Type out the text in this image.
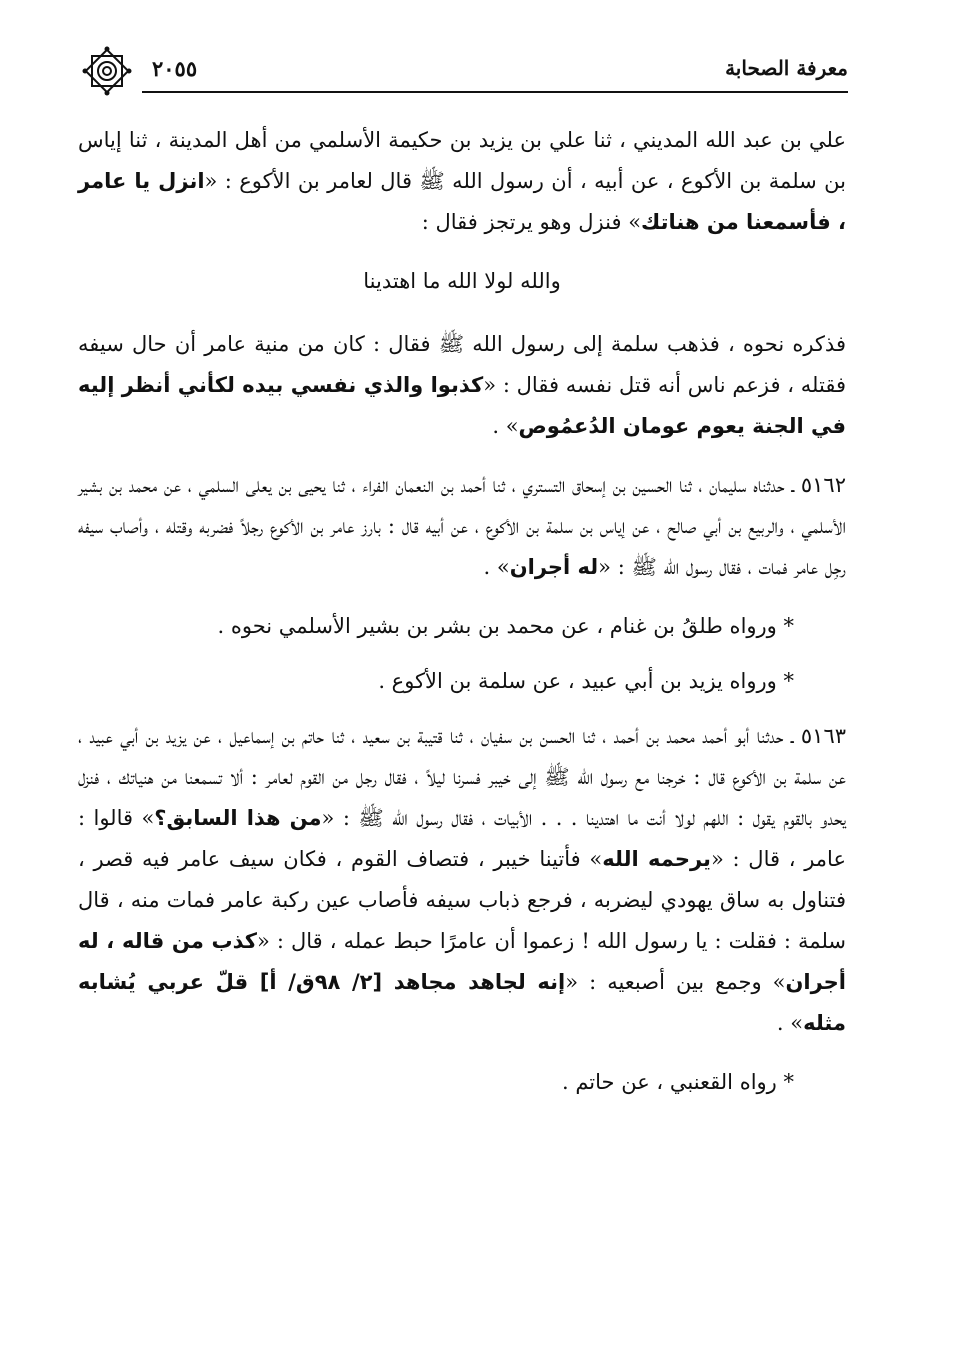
معرفة الصحابة
٢٠٥٥

علي بن عبد الله المديني ، ثنا علي بن يزيد بن حكيمة الأسلمي من أهل المدينة ، ثنا إياس بن سلمة بن الأكوع ، عن أبيه ، أن رسول الله ﷺ قال لعامر بن الأكوع : «انزل يا عامر ، فأسمعنا من هناتك» فنزل وهو يرتجز فقال :

والله لولا الله ما اهتدينا

فذكره نحوه ، فذهب سلمة إلى رسول الله ﷺ فقال : كان من منية عامر أن حال سيفه فقتله ، فزعم ناس أنه قتل نفسه فقال : «كذبوا والذي نفسي بيده لكأني أنظر إليه في الجنة يعوم عومان الدُعمُوص» .

٥١٦٢ ـ حدثناه سليمان ، ثنا الحسين بن إسحاق التستري ، ثنا أحمد بن النعمان الفراء ، ثنا يحيى بن يعلى السلمي ، عن محمد بن بشير الأسلمي ، والربيع بن أبي صالح ، عن إياس بن سلمة بن الأكوع ، عن أبيه قال : بارز عامر بن الأكوع رجلاً فضربه وقتله ، وأصاب سيفه رجِل عامر فمات ، فقال رسول الله ﷺ : «له أجران» .

* ورواه طلقُ بن غنام ، عن محمد بن بشر بن بشير الأسلمي نحوه .

* ورواه يزيد بن أبي عبيد ، عن سلمة بن الأكوع .

٥١٦٣ ـ حدثنا أبو أحمد محمد بن أحمد ، ثنا الحسن بن سفيان ، ثنا قتيبة بن سعيد ، ثنا حاتم بن إسماعيل ، عن يزيد بن أبي عبيد ، عن سلمة بن الأكوع قال : خرجنا مع رسول الله ﷺ إلى خيبر فسرنا ليلاً ، فقال رجل من القوم لعامر : ألا تسمعنا من هنياتك ، فنزل يحدو بالقوم يقول : اللهم لولا أنت ما اهتدينا . . . الأبيات ، فقال رسول الله ﷺ : «من هذا السابق؟» قالوا : عامر ، قال : «يرحمه الله» فأتينا خيبر ، فتصاف القوم ، فكان سيف عامر فيه قصر ، فتناول به ساق يهودي ليضربه ، فرجع ذباب سيفه فأصاب عين ركبة عامر فمات منه ، قال سلمة : فقلت : يا رسول الله ! زعموا أن عامرًا حبط عمله ، قال : «كذب من قاله ، له أجران» وجمع بين أصبعيه : «إنه لجاهد مجاهد [٢/ ٩٨ق/ أ] قلّ عربي يُشابه مثله» .

* رواه القعنبي ، عن حاتم .
